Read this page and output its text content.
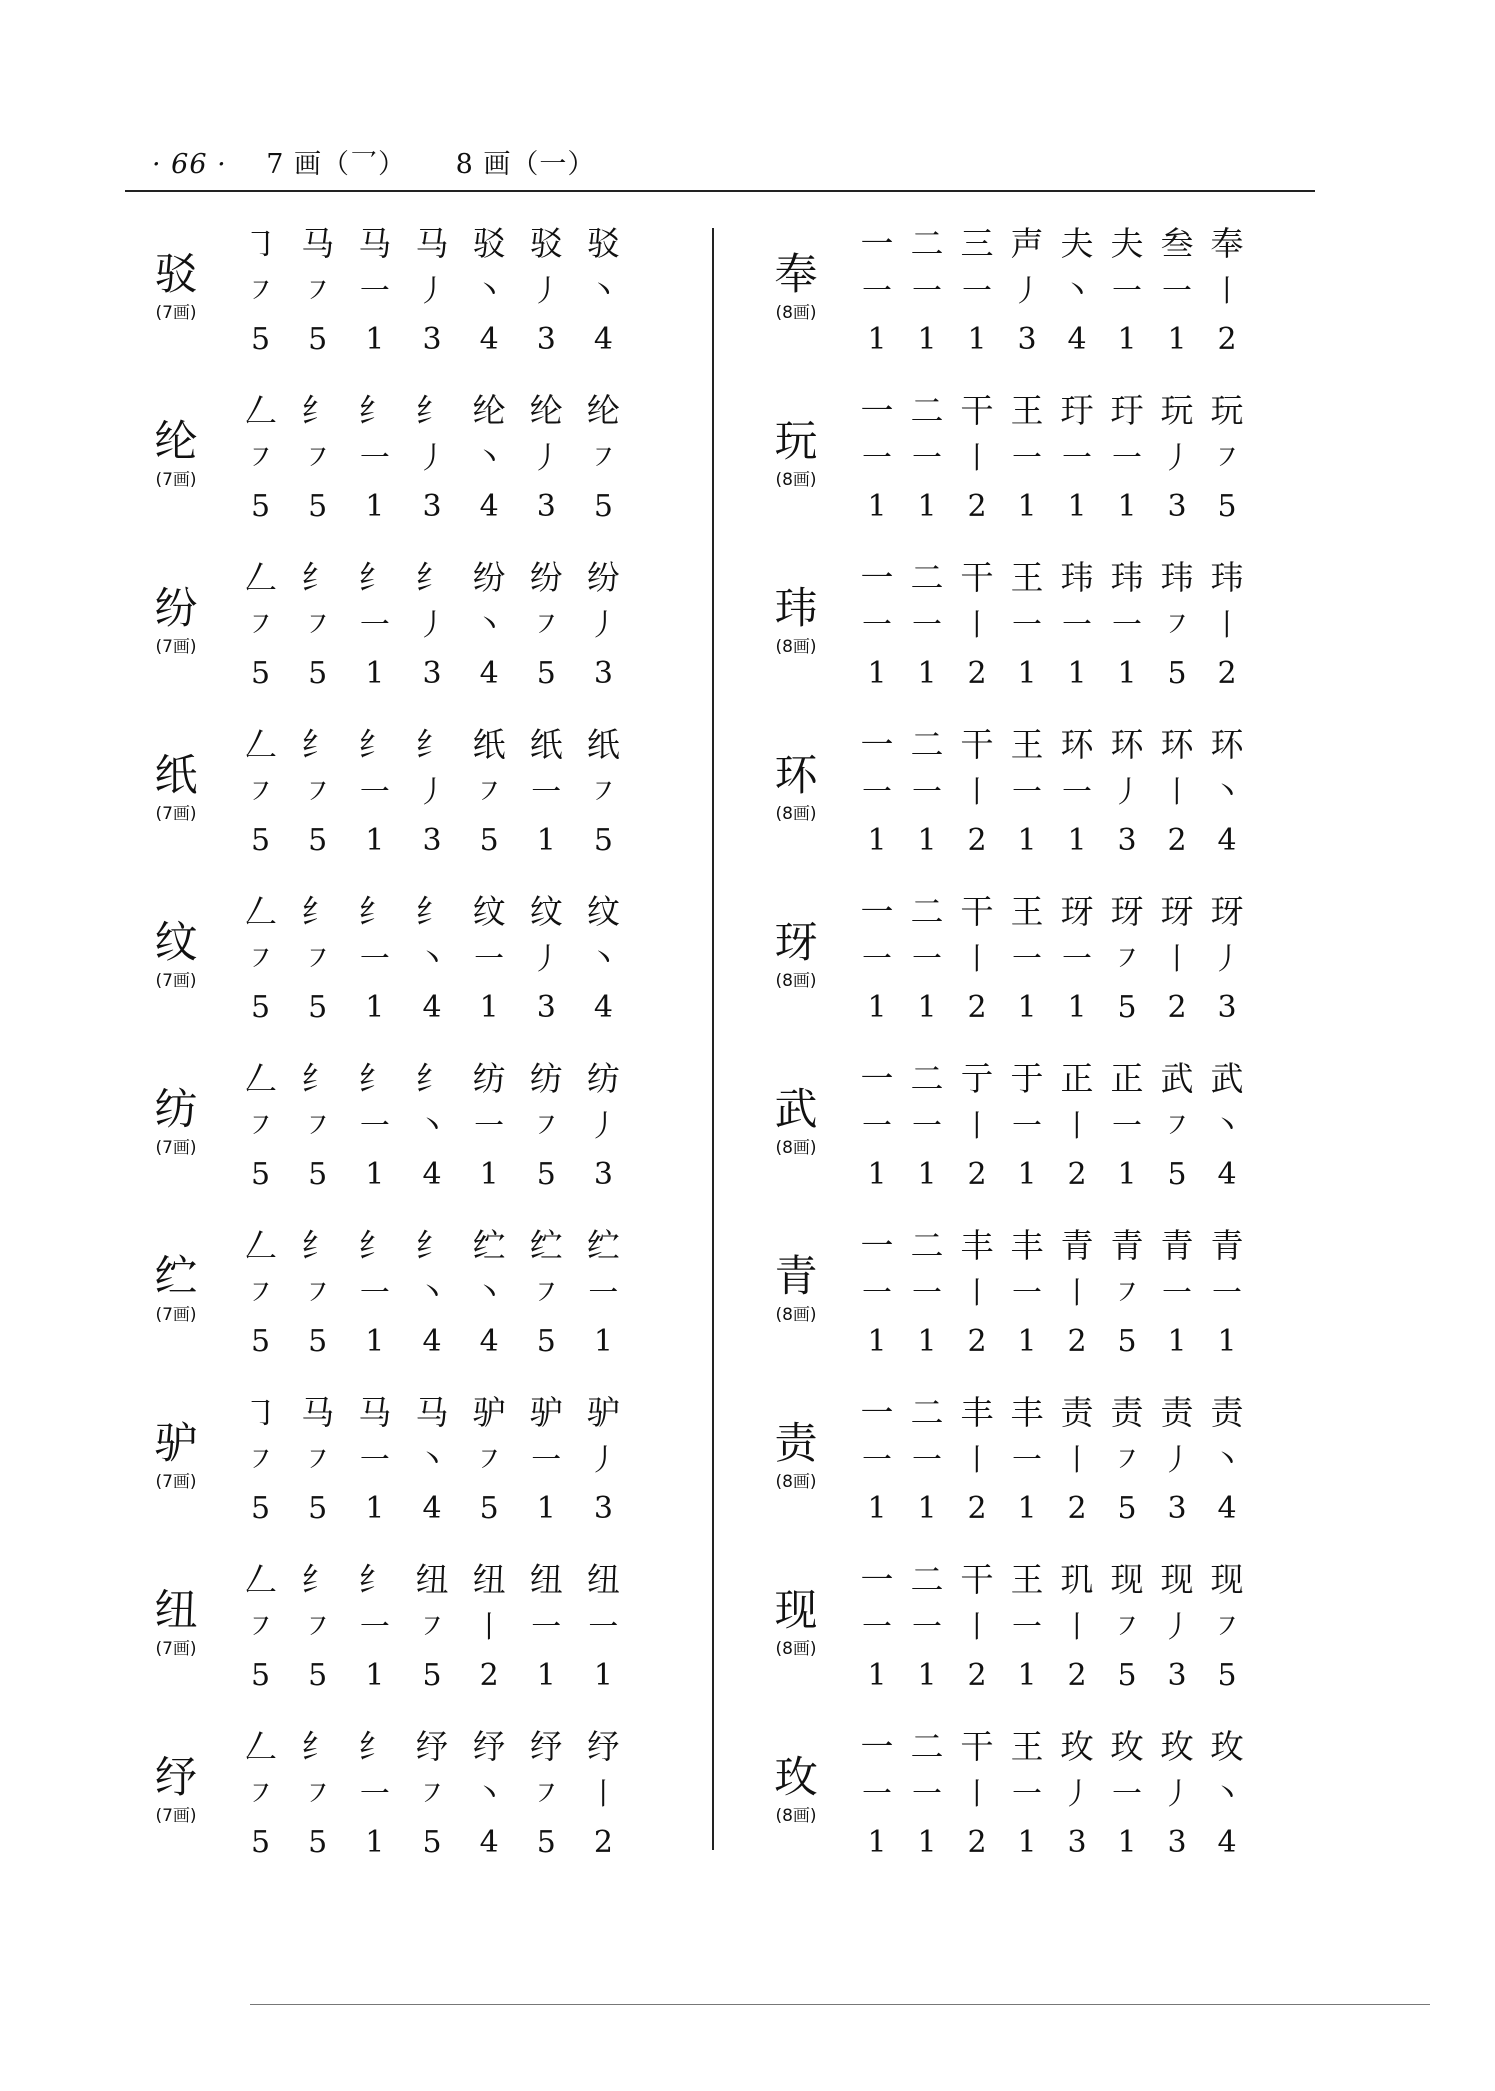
· 66 · 7 画（乛） 8 画（一）
驳
(7画)
㇆ 马 马 马 驳 驳 驳
㇇ ㇇ 一 丿 丶 丿 丶
5	5	1	3	4	3	4
纶
(7画)
𠃋 纟 纟 纟 纶 纶 纶
㇇ ㇇ 一 丿 丶 丿 ㇇
5	5	1	3	4	3	5
纷
(7画)
𠃋 纟 纟 纟 纷 纷 纷
㇇ ㇇ 一 丿 丶 ㇇ 丿
5	5	1	3	4	5	3
纸
(7画)
𠃋 纟 纟 纟 纸 纸 纸
㇇ ㇇ 一 丿 ㇇ 一 ㇇
5	5	1	3	5	1	5
纹
(7画)
𠃋 纟 纟 纟 纹 纹 纹
㇇ ㇇ 一 丶 一 丿 丶
5	5	1	4	1	3	4
纺
(7画)
𠃋 纟 纟 纟 纺 纺 纺
㇇ ㇇ 一 丶 一 ㇇ 丿
5	5	1	4	1	5	3
纻
(7画)
𠃋 纟 纟 纟 纻 纻 纻
㇇ ㇇ 一 丶 丶 ㇇ 一
5	5	1	4	4	5	1
驴
(7画)
㇆ 马 马 马 驴 驴 驴
㇇ ㇇ 一 丶 ㇇ 一 丿
5	5	1	4	5	1	3
纽
(7画)
𠃋 纟 纟 纽 纽 纽 纽
㇇ ㇇ 一 ㇇ 丨 一 一
5	5	1	5	2	1	1
纾
(7画)
𠃋 纟 纟 纾 纾 纾 纾
㇇ ㇇ 一 ㇇ 丶 ㇇ 丨
5	5	1	5	4	5	2
奉
(8画)
一 二 三 声 夫 夫 叁 奉
一 一 一 丿 丶 一 一 丨
1	1	1	3	4	1	1	2
玩
(8画)
一 二 干 王 玗 玗 玩 玩
一 一 丨 一 一 一 丿 ㇇
1	1	2	1	1	1	3	5
玮
(8画)
一 二 干 王 玮 玮 玮 玮
一 一 丨 一 一 一 ㇇ 丨
1	1	2	1	1	1	5	2
环
(8画)
一 二 干 王 环 环 环 环
一 一 丨 一 一 丿 丨 丶
1	1	2	1	1	3	2	4
玡
(8画)
一 二 干 王 玡 玡 玡 玡
一 一 丨 一 一 ㇇ 丨 丿
1	1	2	1	1	5	2	3
武
(8画)
一 二 亍 于 正 正 武 武
一 一 丨 一 丨 一 ㇇ 丶
1	1	2	1	2	1	5	4
青
(8画)
一 二 丰 丰 青 青 青 青
一 一 丨 一 丨 ㇇ 一 一
1	1	2	1	2	5	1	1
责
(8画)
一 二 丰 丰 责 责 责 责
一 一 丨 一 丨 ㇇ 丿 丶
1	1	2	1	2	5	3	4
现
(8画)
一 二 干 王 玑 现 现 现
一 一 丨 一 丨 ㇇ 丿 ㇇
1	1	2	1	2	5	3	5
玫
(8画)
一 二 干 王 玫 玫 玫 玫
一 一 丨 一 丿 一 丿 丶
1	1	2	1	3	1	3	4
